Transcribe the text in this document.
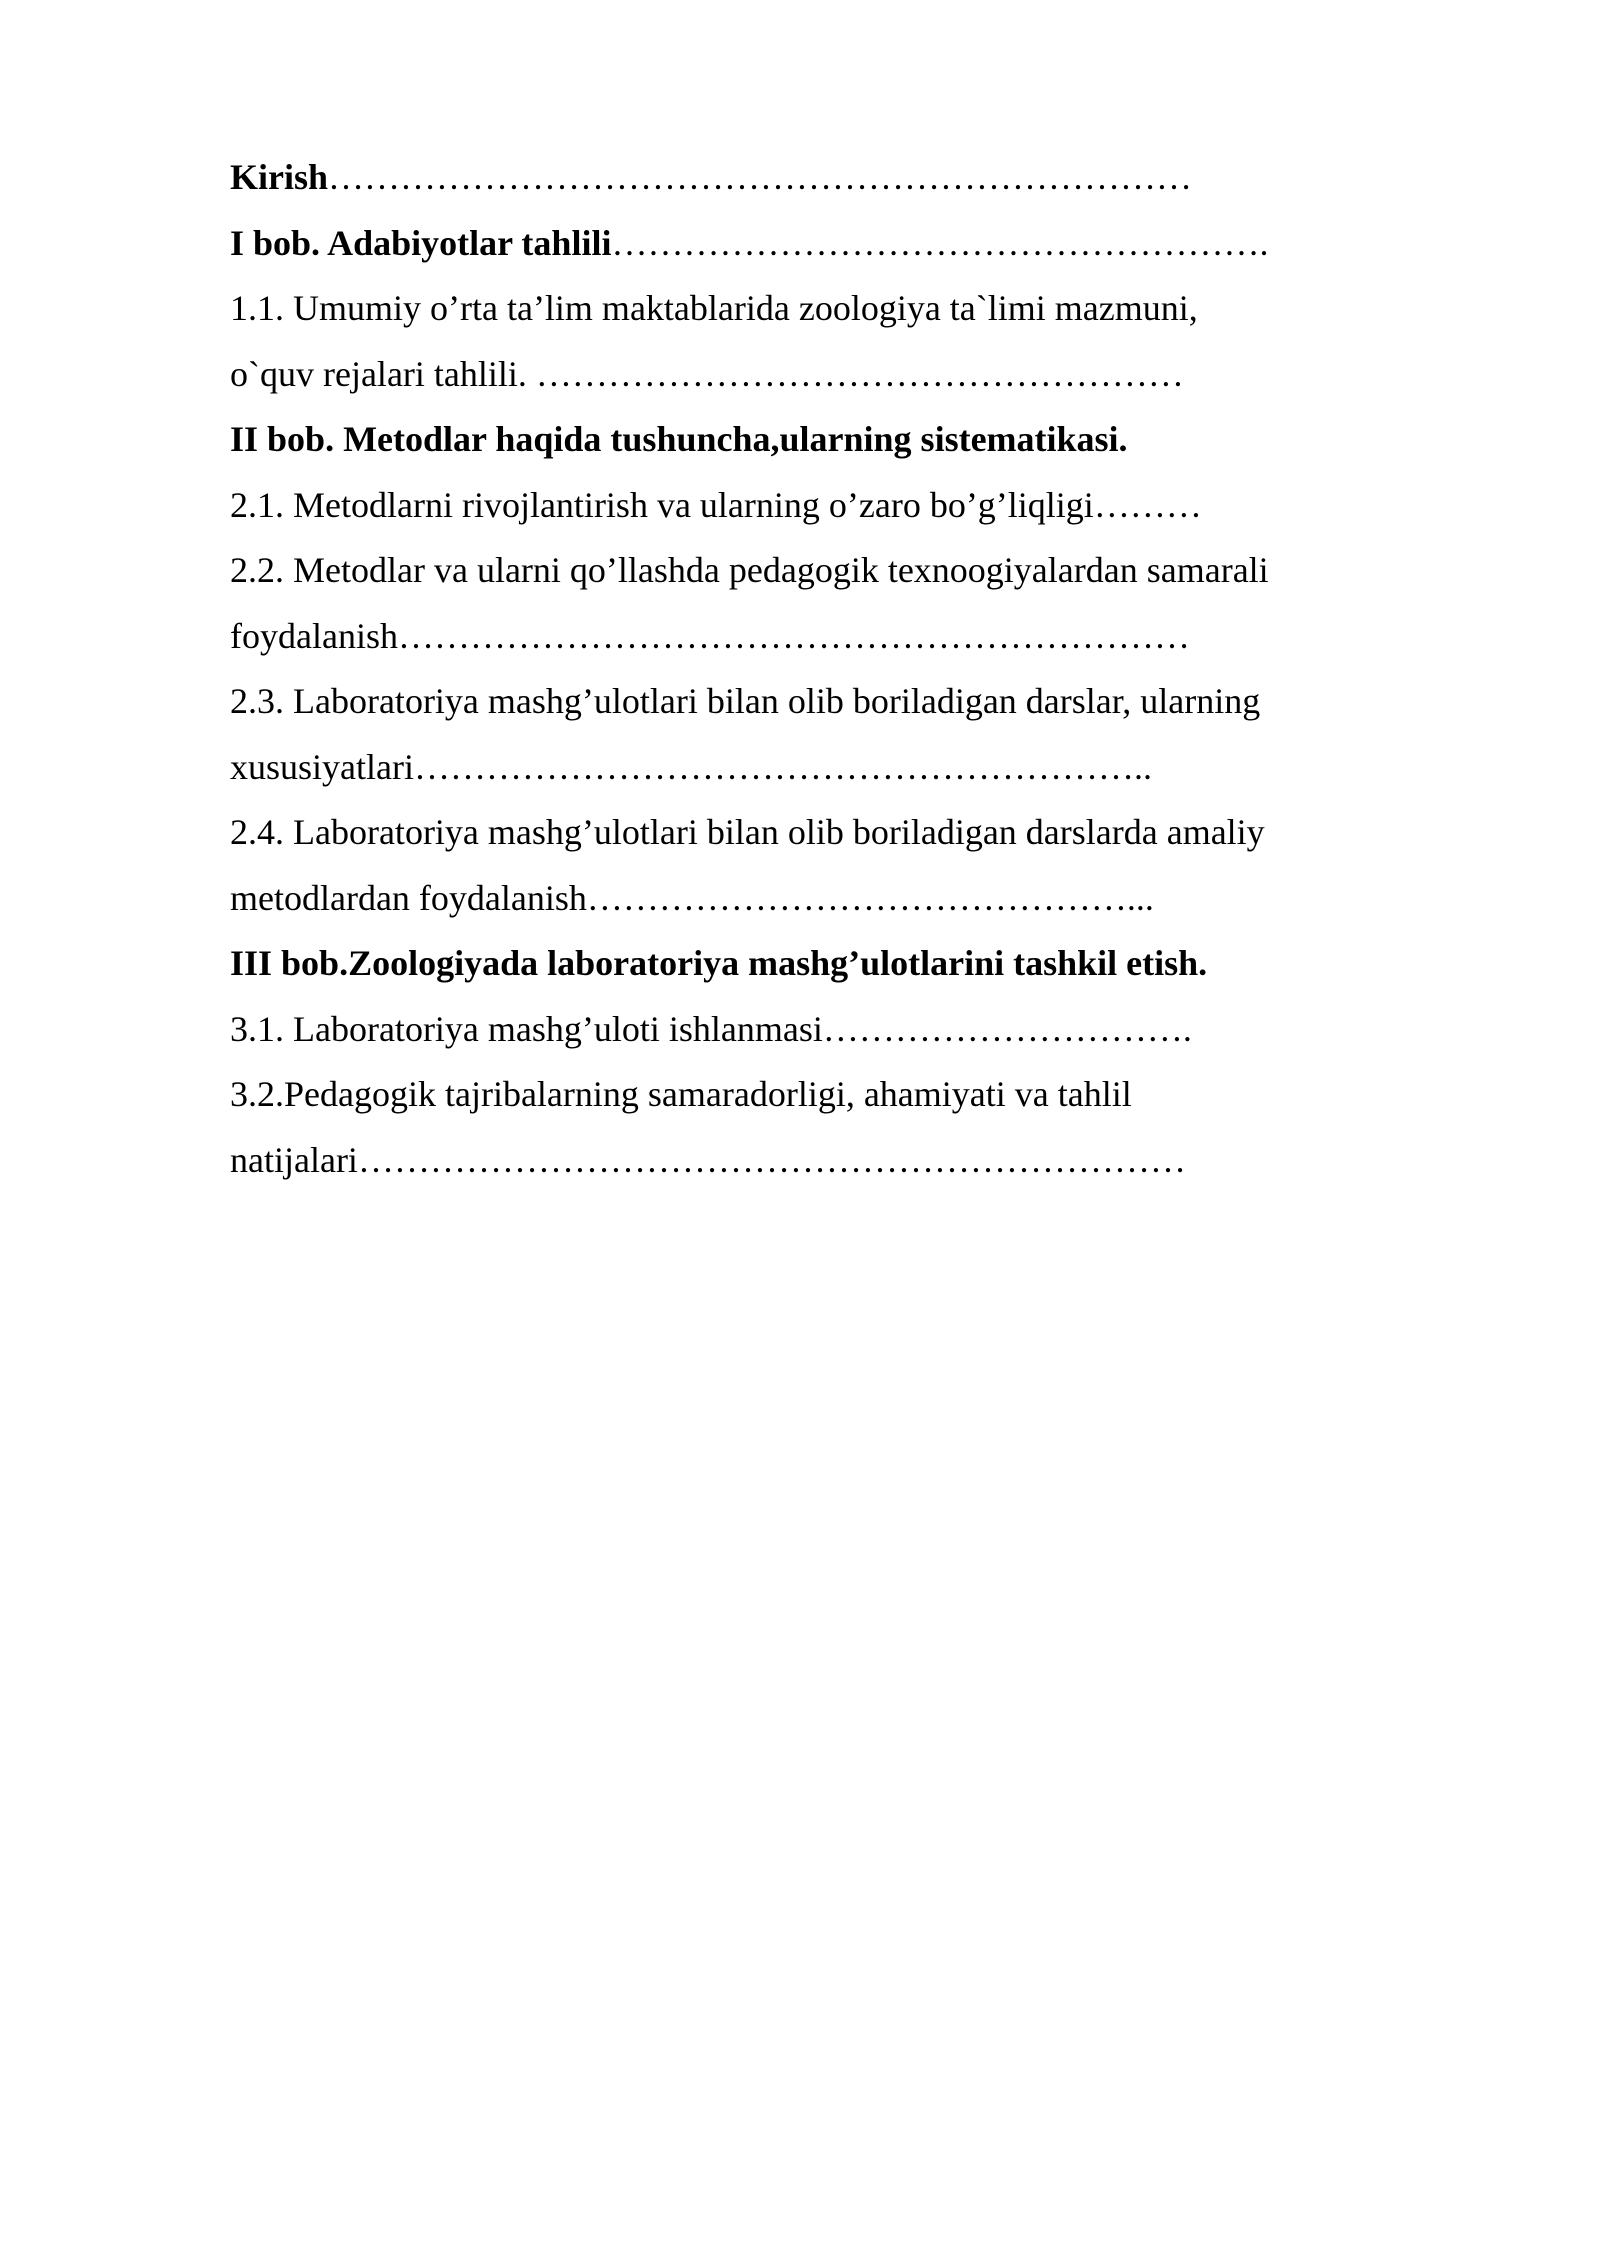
Kirish………………………………………………………………
I bob. Adabiyotlar tahlili……………………………………………….
1.1. Umumiy o’rta ta’lim maktablarida zoologiya ta`limi mazmuni,
o`quv rejalari tahlili. ………………………………………………
II bob. Metodlar haqida tushuncha,ularning sistematikasi.
2.1. Metodlarni rivojlantirish va ularning o’zaro bo’g’liqligi………
2.2. Metodlar va ularni qo’llashda pedagogik texnoogiyalardan samarali
foydalanish…………………………………………………………
2.3. Laboratoriya mashg’ulotlari bilan olib boriladigan darslar, ularning
xususiyatlari……………………………………………………..
2.4. Laboratoriya mashg’ulotlari bilan olib boriladigan darslarda amaliy
metodlardan foydalanish………………………………………...
III bob.Zoologiyada laboratoriya mashg’ulotlarini tashkil etish.
3.1. Laboratoriya mashg’uloti ishlanmasi………………………….
3.2.Pedagogik tajribalarning samaradorligi, ahamiyati va tahlil
natijalari……………………………………………………………
